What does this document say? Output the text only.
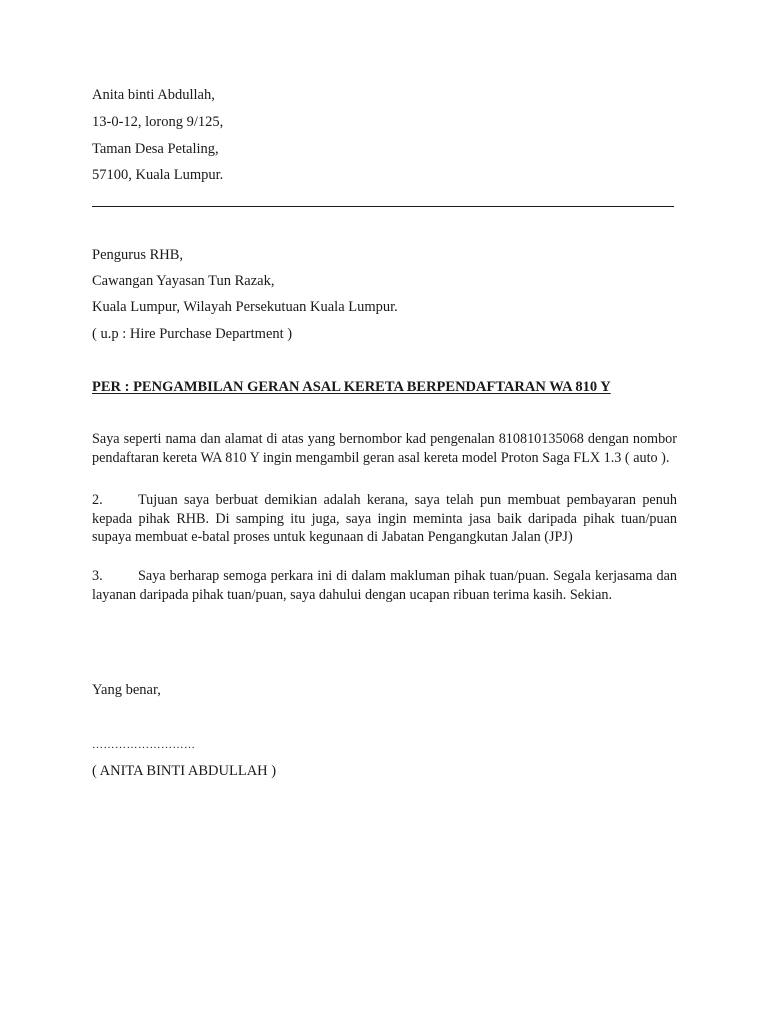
Anita binti Abdullah,
13-0-12, lorong 9/125,
Taman Desa Petaling,
57100, Kuala Lumpur.
Pengurus RHB,
Cawangan Yayasan Tun Razak,
Kuala Lumpur, Wilayah Persekutuan Kuala Lumpur.
( u.p : Hire Purchase Department )
PER : PENGAMBILAN GERAN ASAL KERETA BERPENDAFTARAN WA 810 Y
Saya seperti nama dan alamat di atas yang bernombor kad pengenalan 810810135068 dengan nombor pendaftaran kereta WA 810 Y ingin mengambil geran asal kereta model Proton Saga FLX 1.3 ( auto ).
2. Tujuan saya berbuat demikian adalah kerana, saya telah pun membuat pembayaran penuh kepada pihak RHB. Di samping itu juga, saya ingin meminta jasa baik daripada pihak tuan/puan supaya membuat e-batal proses untuk kegunaan di Jabatan Pengangkutan Jalan (JPJ)
3. Saya berharap semoga perkara ini di dalam makluman pihak tuan/puan. Segala kerjasama dan layanan daripada pihak tuan/puan, saya dahului dengan ucapan ribuan terima kasih. Sekian.
Yang benar,
………………………
( ANITA BINTI ABDULLAH )
